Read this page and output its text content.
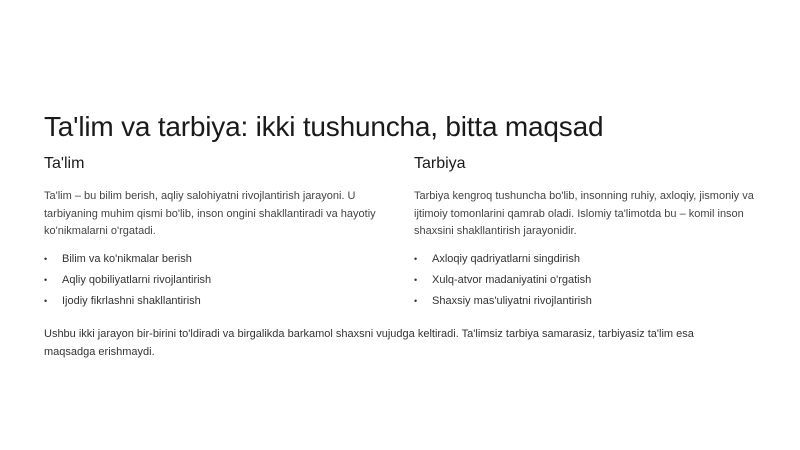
Ta'lim va tarbiya: ikki tushuncha, bitta maqsad
Ta'lim

Ta'lim – bu bilim berish, aqliy salohiyatni rivojlantirish jarayoni. U tarbiyaning muhim qismi bo'lib, inson ongini shakllantiradi va hayotiy ko'nikmalarni o'rgatadi.

• Bilim va ko'nikmalar berish
• Aqliy qobiliyatlarni rivojlantirish
• Ijodiy fikrlashni shakllantirish
Tarbiya

Tarbiya kengroq tushuncha bo'lib, insonning ruhiy, axloqiy, jismoniy va ijtimoiy tomonlarini qamrab oladi. Islomiy ta'limotda bu – komil inson shaxsini shakllantirish jarayonidir.

• Axloqiy qadriyatlarni singdirish
• Xulq-atvor madaniyatini o'rgatish
• Shaxsiy mas'uliyatni rivojlantirish

Ushbu ikki jarayon bir-birini to'ldiradi va birgalikda barkamol shaxsni vujudga keltiradi. Ta'limsiz tarbiya samarasiz, tarbiyasiz ta'lim esa maqsadga erishmaydi.
